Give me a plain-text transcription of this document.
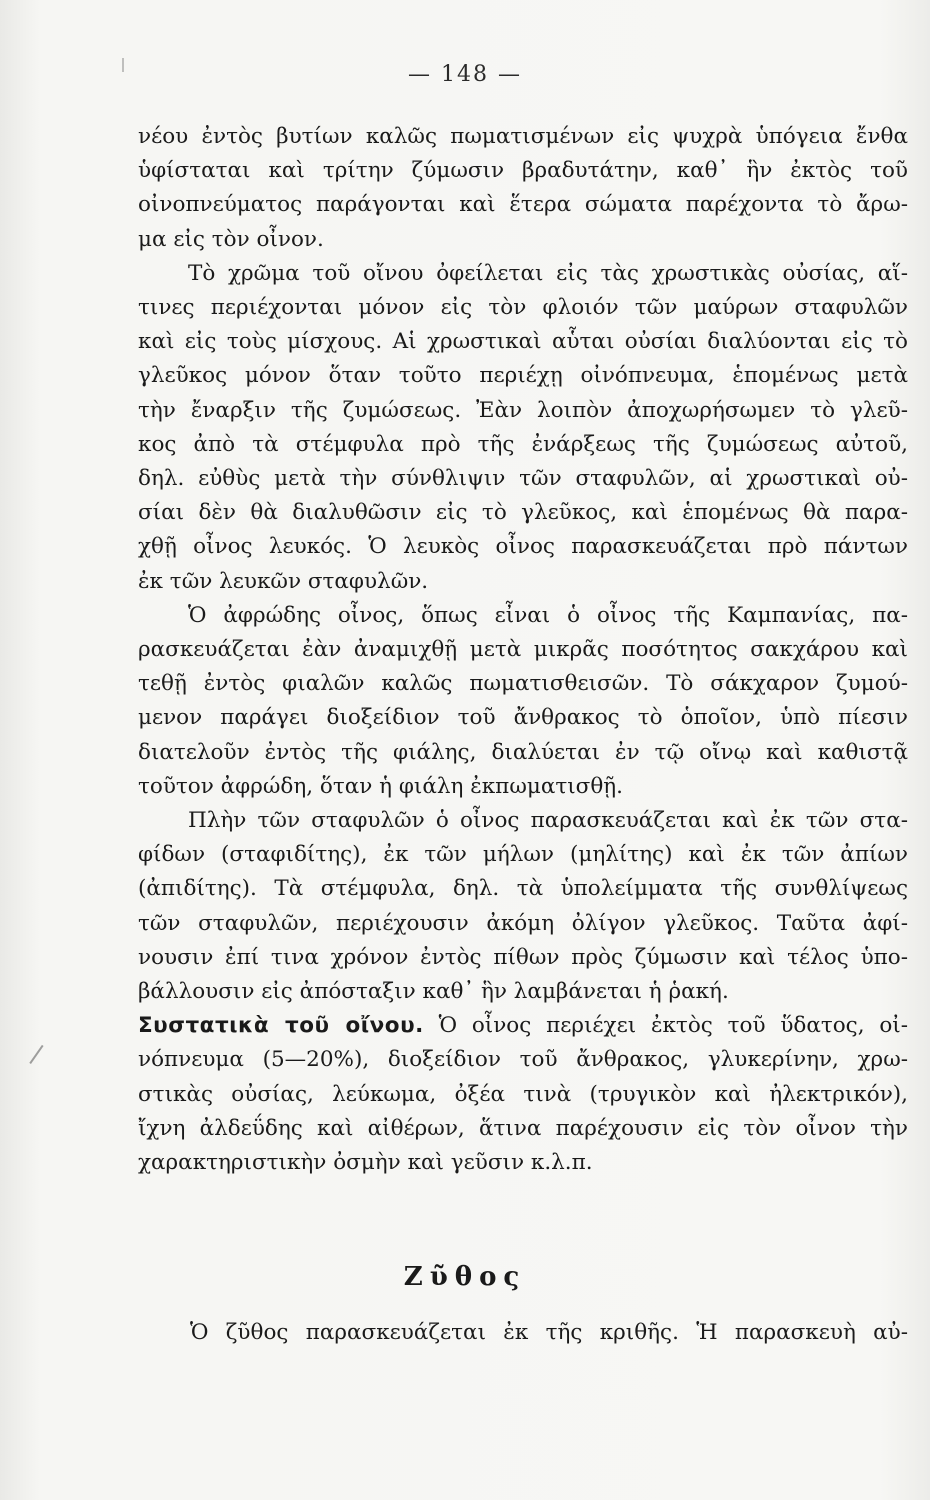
— 148 —

νέου ἐντὸς βυτίων καλῶς πωματισμένων εἰς ψυχρὰ ὑπόγεια ἔνθα
ὑφίσταται καὶ τρίτην ζύμωσιν βραδυτάτην, καθ᾽ ἣν ἐκτὸς τοῦ
οἰνοπνεύματος παράγονται καὶ ἕτερα σώματα παρέχοντα τὸ ἄρω-
μα εἰς τὸν οἶνον.

Τὸ χρῶμα τοῦ οἴνου ὀφείλεται εἰς τὰς χρωστικὰς οὐσίας, αἵ-
τινες περιέχονται μόνον εἰς τὸν φλοιόν τῶν μαύρων σταφυλῶν
καὶ εἰς τοὺς μίσχους. Αἱ χρωστικαὶ αὗται οὐσίαι διαλύονται εἰς τὸ
γλεῦκος μόνον ὅταν τοῦτο περιέχῃ οἰνόπνευμα, ἑπομένως μετὰ
τὴν ἔναρξιν τῆς ζυμώσεως. Ἐὰν λοιπὸν ἀποχωρήσωμεν τὸ γλεῦ-
κος ἀπὸ τὰ στέμφυλα πρὸ τῆς ἐνάρξεως τῆς ζυμώσεως αὐτοῦ,
δηλ. εὐθὺς μετὰ τὴν σύνθλιψιν τῶν σταφυλῶν, αἱ χρωστικαὶ οὐ-
σίαι δὲν θὰ διαλυθῶσιν εἰς τὸ γλεῦκος, καὶ ἑπομένως θὰ παρα-
χθῇ οἶνος λευκός. Ὁ λευκὸς οἶνος παρασκευάζεται πρὸ πάντων
ἐκ τῶν λευκῶν σταφυλῶν.

Ὁ ἀφρώδης οἶνος, ὅπως εἶναι ὁ οἶνος τῆς Καμπανίας, πα-
ρασκευάζεται ἐὰν ἀναμιχθῇ μετὰ μικρᾶς ποσότητος σακχάρου καὶ
τεθῇ ἐντὸς φιαλῶν καλῶς πωματισθεισῶν. Τὸ σάκχαρον ζυμού-
μενον παράγει διοξείδιον τοῦ ἄνθρακος τὸ ὁποῖον, ὑπὸ πίεσιν
διατελοῦν ἐντὸς τῆς φιάλης, διαλύεται ἐν τῷ οἴνῳ καὶ καθιστᾷ
τοῦτον ἀφρώδη, ὅταν ἡ φιάλη ἐκπωματισθῇ.

Πλὴν τῶν σταφυλῶν ὁ οἶνος παρασκευάζεται καὶ ἐκ τῶν στα-
φίδων (σταφιδίτης), ἐκ τῶν μήλων (μηλίτης) καὶ ἐκ τῶν ἀπίων
(ἀπιδίτης). Τὰ στέμφυλα, δηλ. τὰ ὑπολείμματα τῆς συνθλίψεως
τῶν σταφυλῶν, περιέχουσιν ἀκόμη ὀλίγον γλεῦκος. Ταῦτα ἀφί-
νουσιν ἐπί τινα χρόνον ἐντὸς πίθων πρὸς ζύμωσιν καὶ τέλος ὑπο-
βάλλουσιν εἰς ἀπόσταξιν καθ᾽ ἣν λαμβάνεται ἡ ῥακή.

Συστατικὰ τοῦ οἴνου. Ὁ οἶνος περιέχει ἐκτὸς τοῦ ὕδατος, οἰ-
νόπνευμα (5—20%), διοξείδιον τοῦ ἄνθρακος, γλυκερίνην, χρω-
στικὰς οὐσίας, λεύκωμα, ὀξέα τινὰ (τρυγικὸν καὶ ἠλεκτρικόν),
ἴχνη ἀλδεΰδης καὶ αἰθέρων, ἅτινα παρέχουσιν εἰς τὸν οἶνον τὴν
χαρακτηριστικὴν ὀσμὴν καὶ γεῦσιν κ.λ.π.

Ζῦθος

Ὁ ζῦθος παρασκευάζεται ἐκ τῆς κριθῆς. Ἡ παρασκευὴ αὐ-
